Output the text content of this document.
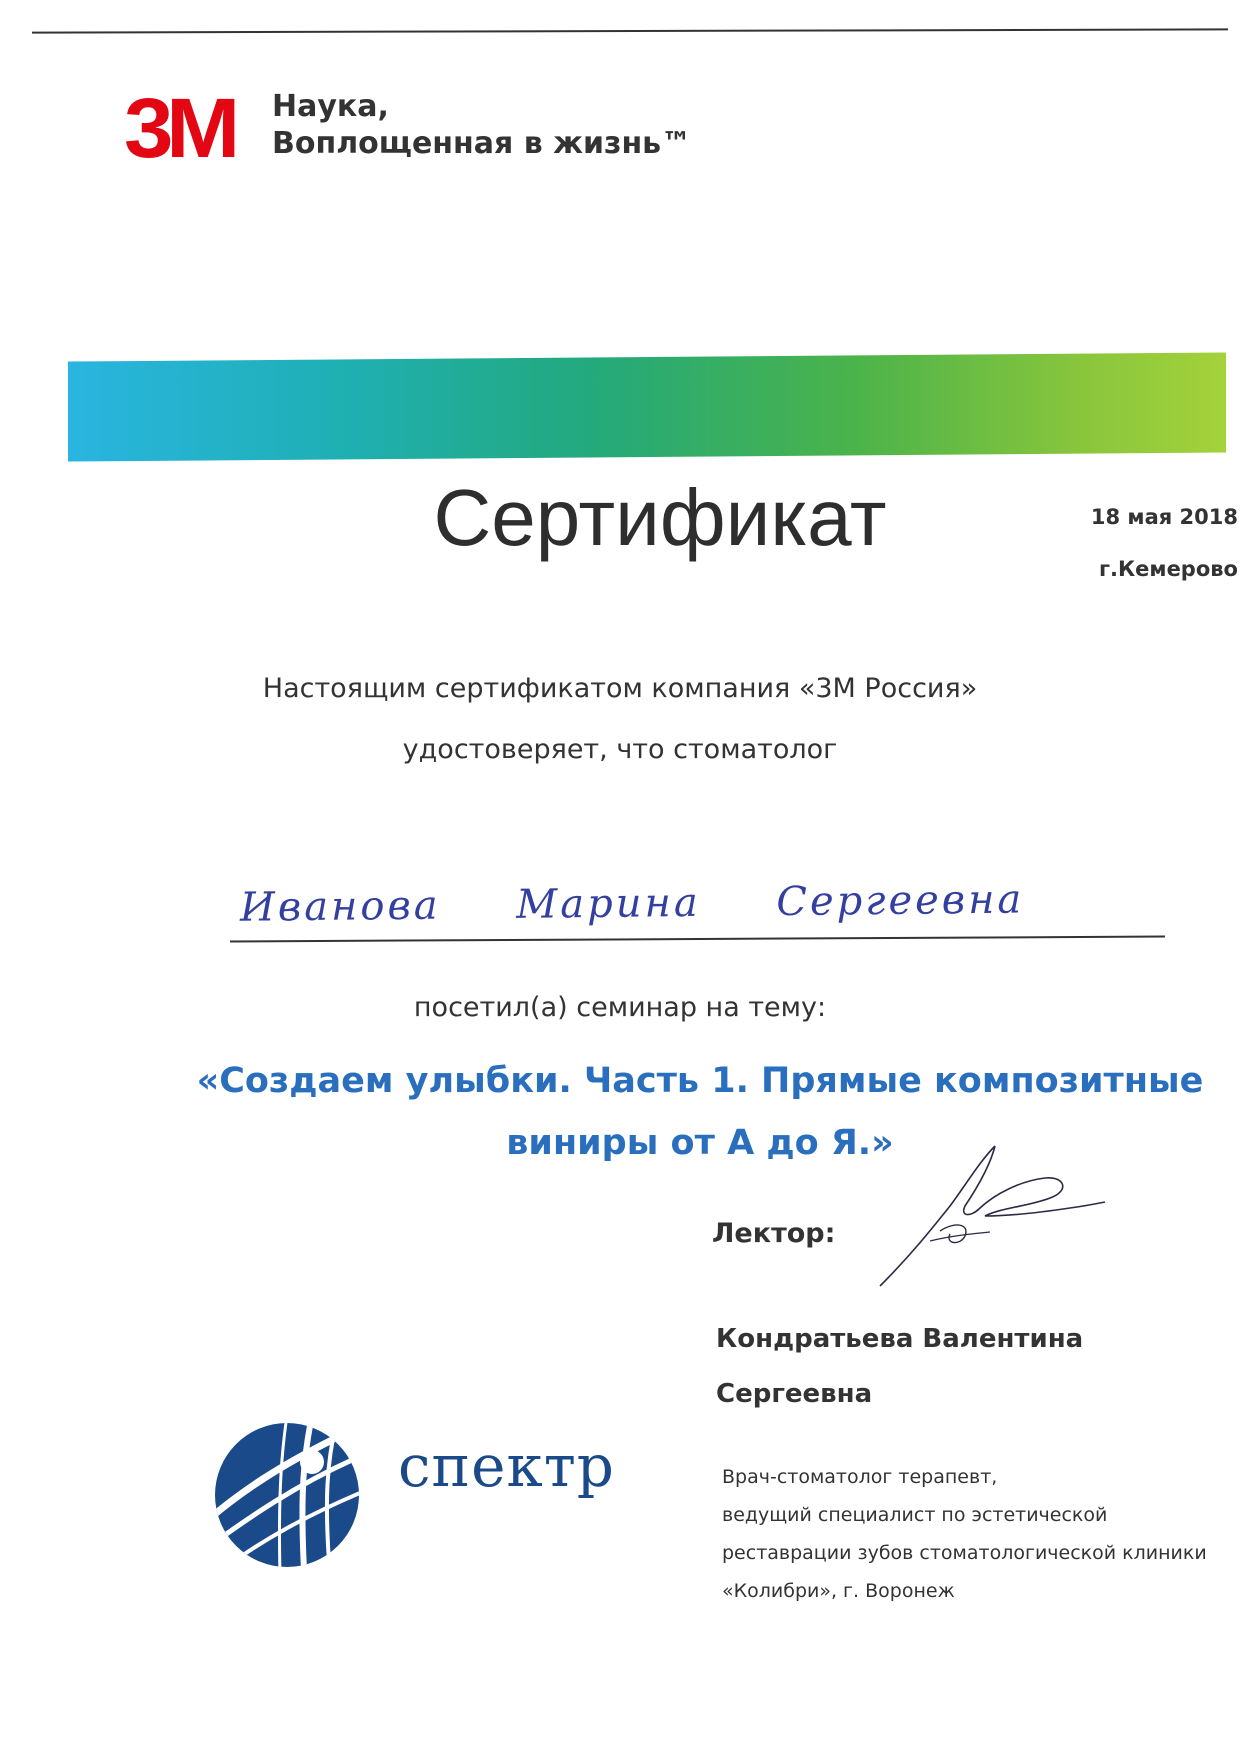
3M Наука,
Воплощенная в жизнь™
Сертификат	18 мая 2018
г.Кемерово
Настоящим сертификатом компания «3M Россия»
удостоверяет, что стоматолог
Иванова Марина Сергеевна
посетил(а) семинар на тему:
«Создаем улыбки. Часть 1. Прямые композитные
виниры от А до Я.»
Лектор:
Кондратьева Валентина
Сергеевна
Врач-стоматолог терапевт,
ведущий специалист по эстетической
реставрации зубов стоматологической клиники
«Колибри», г. Воронеж
спектр
